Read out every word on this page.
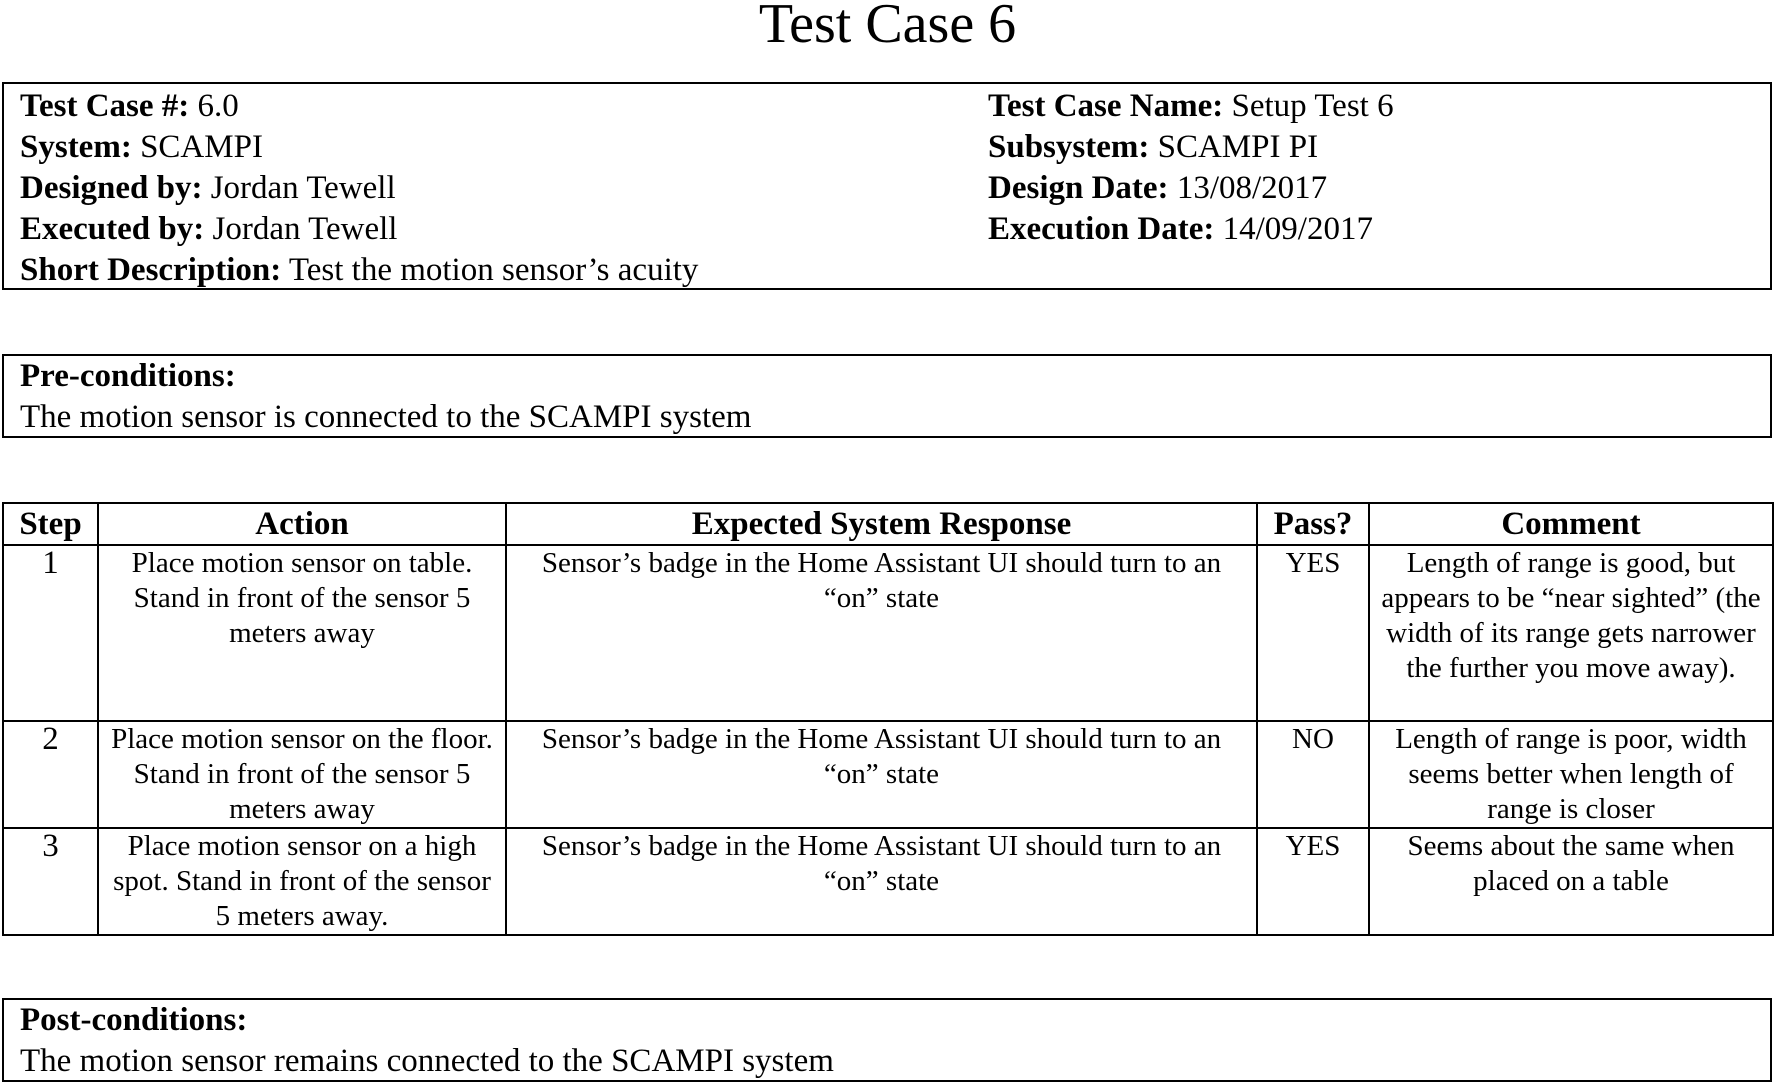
Test Case 6
Test Case #: 6.0
System: SCAMPI
Designed by: Jordan Tewell
Executed by: Jordan Tewell
Short Description: Test the motion sensor’s acuity
Test Case Name: Setup Test 6
Subsystem: SCAMPI PI
Design Date: 13/08/2017
Execution Date: 14/09/2017
Pre-conditions:
The motion sensor is connected to the SCAMPI system
Step	Action	Expected System Response	Pass?	Comment
1	Place motion sensor on table. Stand in front of the sensor 5 meters away	Sensor’s badge in the Home Assistant UI should turn to an “on” state	YES	Length of range is good, but appears to be “near sighted” (the width of its range gets narrower the further you move away).
2	Place motion sensor on the floor. Stand in front of the sensor 5 meters away	Sensor’s badge in the Home Assistant UI should turn to an “on” state	NO	Length of range is poor, width seems better when length of range is closer
3	Place motion sensor on a high spot. Stand in front of the sensor 5 meters away.	Sensor’s badge in the Home Assistant UI should turn to an “on” state	YES	Seems about the same when placed on a table
Post-conditions:
The motion sensor remains connected to the SCAMPI system
